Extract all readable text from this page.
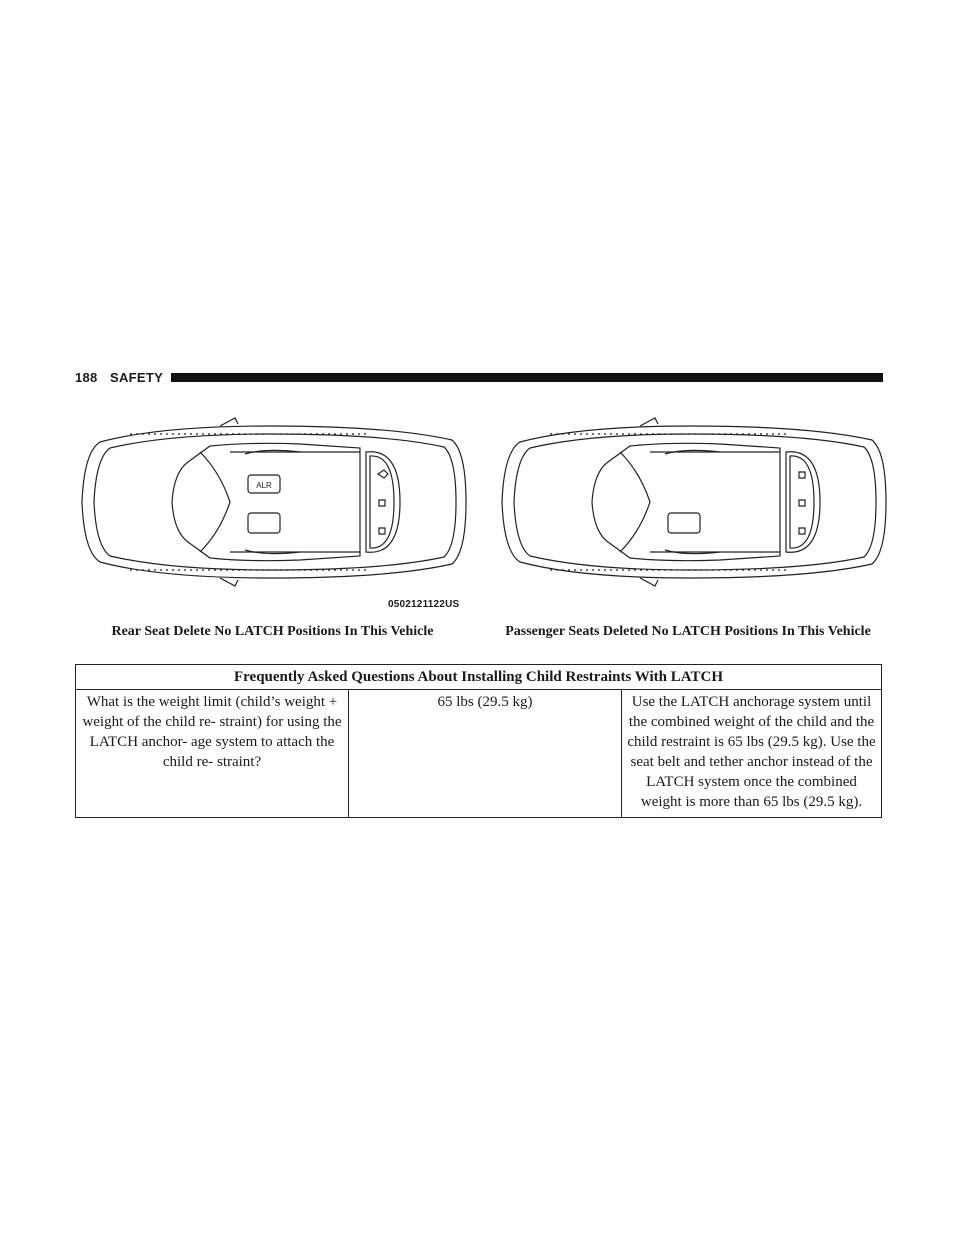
188 SAFETY
ALR
0502121122US
Rear Seat Delete No LATCH Positions In This Vehicle	Passenger Seats Deleted No LATCH Positions In This Vehicle
Frequently Asked Questions About Installing Child Restraints With LATCH
What is the weight limit (child’s weight + weight of the child re- straint) for using the LATCH anchor- age system to attach the child re- straint?	65 lbs (29.5 kg)	Use the LATCH anchorage system until the combined weight of the child and the child restraint is 65 lbs (29.5 kg). Use the seat belt and tether anchor instead of the LATCH system once the combined weight is more than 65 lbs (29.5 kg).
